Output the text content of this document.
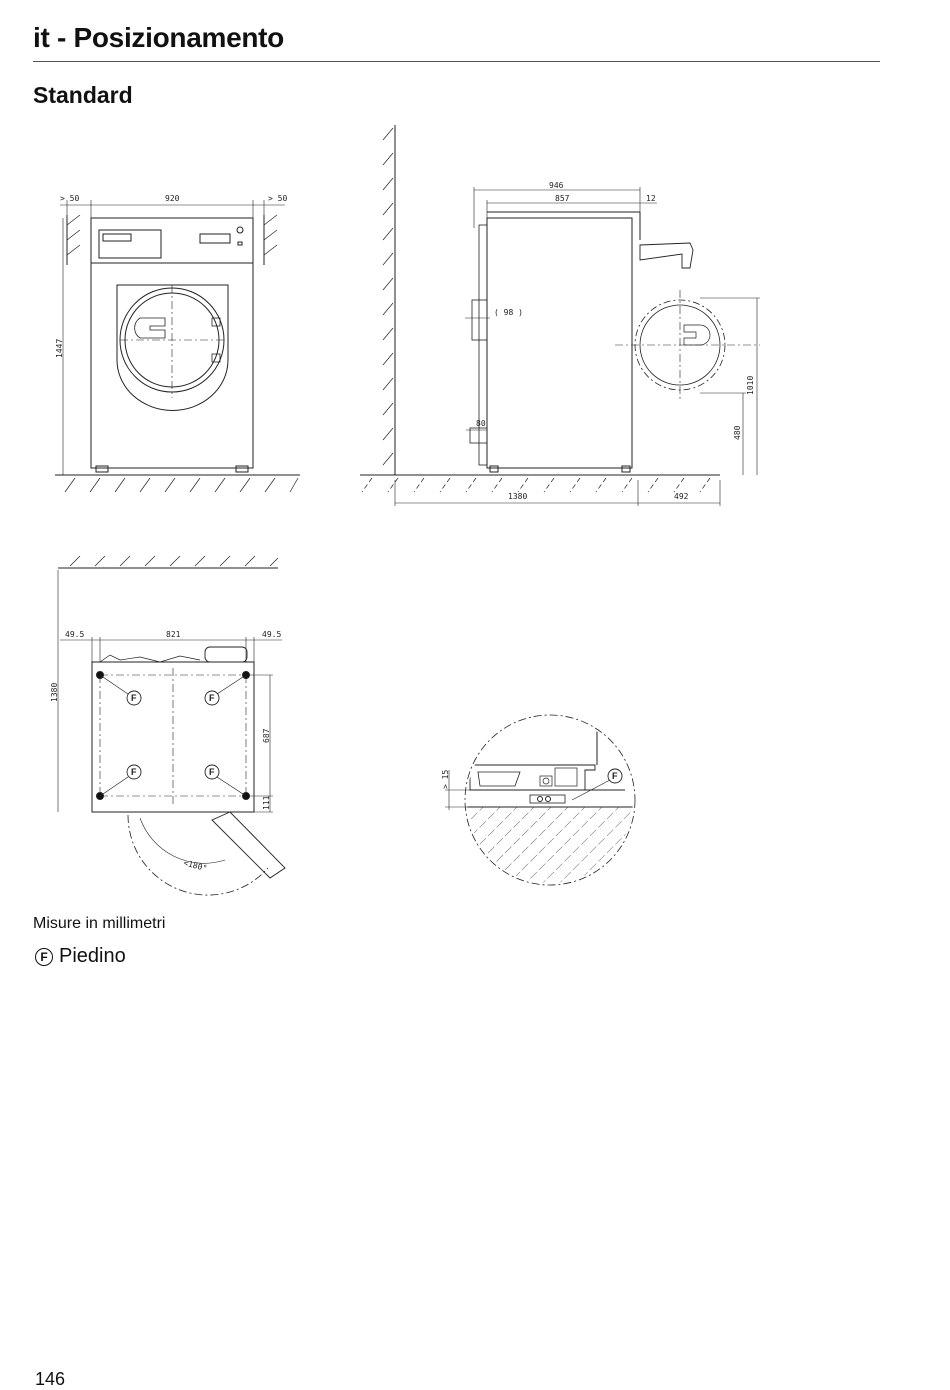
it - Posizionamento
Standard
> 50	920	> 50
1447
946
857	12
( 98 )
80
1380	492
1010
480
49.5	821	49.5
1380
687
111
<180°
F	F
F	F	> 15	F
Misure in millimetri
F Piedino
146
